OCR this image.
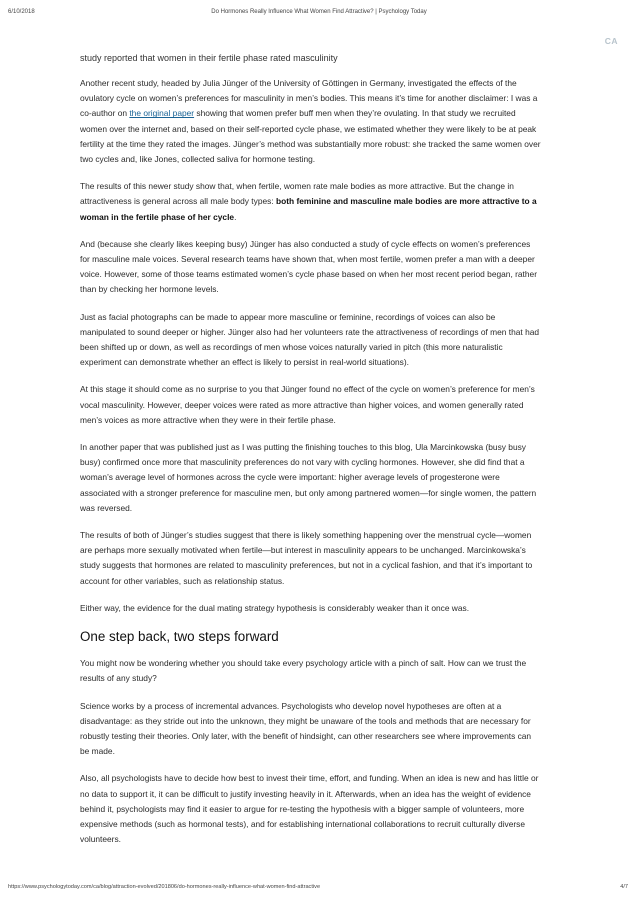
6/10/2018	Do Hormones Really Influence What Women Find Attractive? | Psychology Today
CA
study reported that women in their fertile phase rated masculinity

Another recent study, headed by Julia Jünger of the University of Göttingen in Germany, investigated the effects of the ovulatory cycle on women’s preferences for masculinity in men’s bodies. This means it’s time for another disclaimer: I was a co-author on the original paper showing that women prefer buff men when they’re ovulating. In that study we recruited women over the internet and, based on their self-reported cycle phase, we estimated whether they were likely to be at peak fertility at the time they rated the images. Jünger’s method was substantially more robust: she tracked the same women over two cycles and, like Jones, collected saliva for hormone testing.

The results of this newer study show that, when fertile, women rate male bodies as more attractive. But the change in attractiveness is general across all male body types: both feminine and masculine male bodies are more attractive to a woman in the fertile phase of her cycle.

And (because she clearly likes keeping busy) Jünger has also conducted a study of cycle effects on women’s preferences for masculine male voices. Several research teams have shown that, when most fertile, women prefer a man with a deeper voice. However, some of those teams estimated women’s cycle phase based on when her most recent period began, rather than by checking her hormone levels.

Just as facial photographs can be made to appear more masculine or feminine, recordings of voices can also be manipulated to sound deeper or higher. Jünger also had her volunteers rate the attractiveness of recordings of men that had been shifted up or down, as well as recordings of men whose voices naturally varied in pitch (this more naturalistic experiment can demonstrate whether an effect is likely to persist in real-world situations).

At this stage it should come as no surprise to you that Jünger found no effect of the cycle on women’s preference for men’s vocal masculinity. However, deeper voices were rated as more attractive than higher voices, and women generally rated men’s voices as more attractive when they were in their fertile phase.

In another paper that was published just as I was putting the finishing touches to this blog, Ula Marcinkowska (busy busy busy) confirmed once more that masculinity preferences do not vary with cycling hormones. However, she did find that a woman’s average level of hormones across the cycle were important: higher average levels of progesterone were associated with a stronger preference for masculine men, but only among partnered women—for single women, the pattern was reversed.

The results of both of Jünger’s studies suggest that there is likely something happening over the menstrual cycle—women are perhaps more sexually motivated when fertile—but interest in masculinity appears to be unchanged. Marcinkowska’s study suggests that hormones are related to masculinity preferences, but not in a cyclical fashion, and that it’s important to account for other variables, such as relationship status.

Either way, the evidence for the dual mating strategy hypothesis is considerably weaker than it once was.

One step back, two steps forward

You might now be wondering whether you should take every psychology article with a pinch of salt. How can we trust the results of any study?

Science works by a process of incremental advances. Psychologists who develop novel hypotheses are often at a disadvantage: as they stride out into the unknown, they might be unaware of the tools and methods that are necessary for robustly testing their theories. Only later, with the benefit of hindsight, can other researchers see where improvements can be made.

Also, all psychologists have to decide how best to invest their time, effort, and funding. When an idea is new and has little or no data to support it, it can be difficult to justify investing heavily in it. Afterwards, when an idea has the weight of evidence behind it, psychologists may find it easier to argue for re-testing the hypothesis with a bigger sample of volunteers, more expensive methods (such as hormonal tests), and for establishing international collaborations to recruit culturally diverse volunteers.

https://www.psychologytoday.com/ca/blog/attraction-evolved/201806/do-hormones-really-influence-what-women-find-attractive	4/7
